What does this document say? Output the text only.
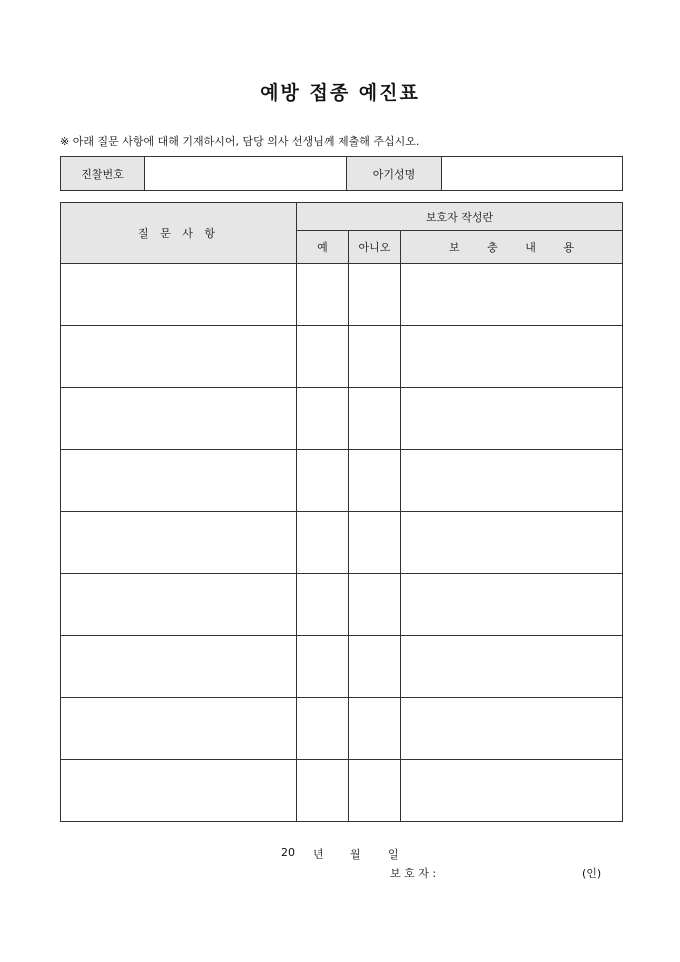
예방 접종 예진표
※ 아래 질문 사항에 대해 기재하시어, 담당 의사 선생님께 제출해 주십시오.
진찰번호		아기성명	
질 문 사 항	보호자 작성란		
	예	아니오	보 충 내 용

20 년 월 일
보 호 자 :	(인)
